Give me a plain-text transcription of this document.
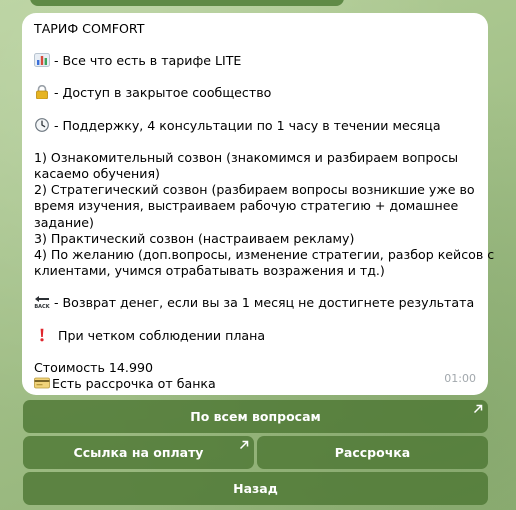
ТАРИФ COMFORT
- Все что есть в тарифе LITE
- Доступ в закрытое сообщество
- Поддержку, 4 консультации по 1 часу в течении месяца
1) Ознакомительный созвон (знакомимся и разбираем вопросы
касаемо обучения)
2) Стратегический созвон (разбираем вопросы возникшие уже во
время изучения, выстраиваем рабочую стратегию + домашнее
задание)
3) Практический созвон (настраиваем рекламу)
4) По желанию (доп.вопросы, изменение стратегии, разбор кейсов с
клиентами, учимся отрабатывать возражения и тд.)
BACK - Возврат денег, если вы за 1 месяц не достигнете результата
При четком соблюдении плана
Стоимость 14.990
Есть рассрочка от банка	01:00
По всем вопросам
Ссылка на оплату	Рассрочка
Назад
